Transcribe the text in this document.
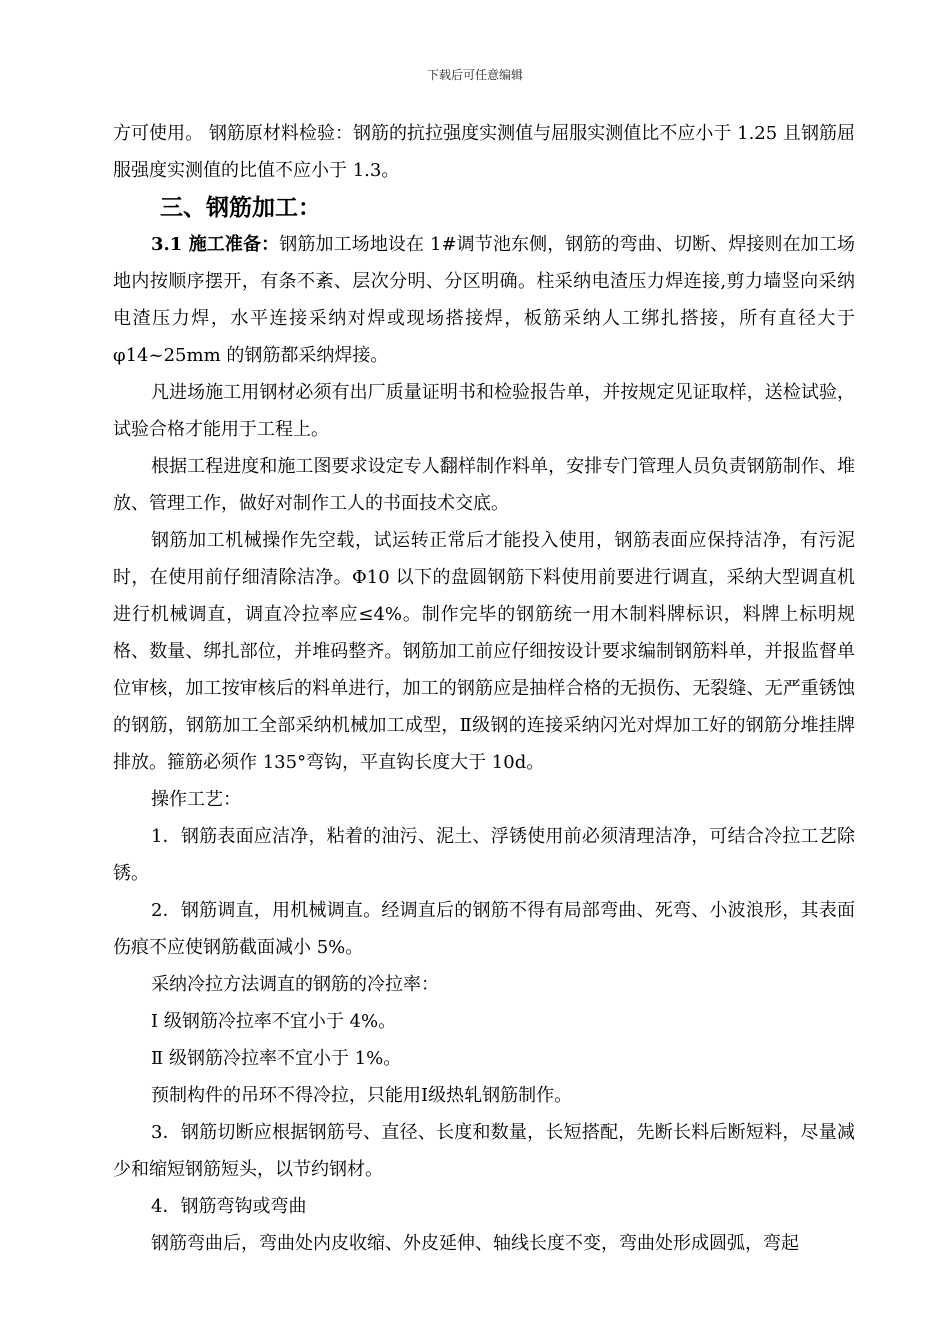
下载后可任意编辑
方可使用。 钢筋原材料检验：钢筋的抗拉强度实测值与屈服实测值比不应小于 1.25 且钢筋屈服强度实测值的比值不应小于 1.3。
三、钢筋加工：
3.1 施工准备：钢筋加工场地设在 1#调节池东侧，钢筋的弯曲、切断、焊接则在加工场地内按顺序摆开，有条不紊、层次分明、分区明确。柱采纳电渣压力焊连接,剪力墙竖向采纳电渣压力焊，水平连接采纳对焊或现场搭接焊，板筋采纳人工绑扎搭接，所有直径大于 φ14~25mm 的钢筋都采纳焊接。
凡进场施工用钢材必须有出厂质量证明书和检验报告单，并按规定见证取样，送检试验，试验合格才能用于工程上。
根据工程进度和施工图要求设定专人翻样制作料单，安排专门管理人员负责钢筋制作、堆放、管理工作，做好对制作工人的书面技术交底。
钢筋加工机械操作先空载，试运转正常后才能投入使用，钢筋表面应保持洁净，有污泥时，在使用前仔细清除洁净。Φ10 以下的盘圆钢筋下料使用前要进行调直，采纳大型调直机进行机械调直，调直冷拉率应≤4%。制作完毕的钢筋统一用木制料牌标识，料牌上标明规格、数量、绑扎部位，并堆码整齐。钢筋加工前应仔细按设计要求编制钢筋料单，并报监督单位审核，加工按审核后的料单进行，加工的钢筋应是抽样合格的无损伤、无裂缝、无严重锈蚀的钢筋，钢筋加工全部采纳机械加工成型，Ⅱ级钢的连接采纳闪光对焊加工好的钢筋分堆挂牌排放。箍筋必须作 135°弯钩，平直钩长度大于 10d。
操作工艺：
1．钢筋表面应洁净，粘着的油污、泥土、浮锈使用前必须清理洁净，可结合冷拉工艺除锈。
2．钢筋调直，用机械调直。经调直后的钢筋不得有局部弯曲、死弯、小波浪形，其表面伤痕不应使钢筋截面减小 5%。
采纳冷拉方法调直的钢筋的冷拉率：
Ⅰ 级钢筋冷拉率不宜小于 4%。
Ⅱ 级钢筋冷拉率不宜小于 1%。
预制构件的吊环不得冷拉，只能用Ⅰ级热轧钢筋制作。
3．钢筋切断应根据钢筋号、直径、长度和数量，长短搭配，先断长料后断短料，尽量减少和缩短钢筋短头，以节约钢材。
4．钢筋弯钩或弯曲
钢筋弯曲后，弯曲处内皮收缩、外皮延伸、轴线长度不变，弯曲处形成圆弧，弯起
